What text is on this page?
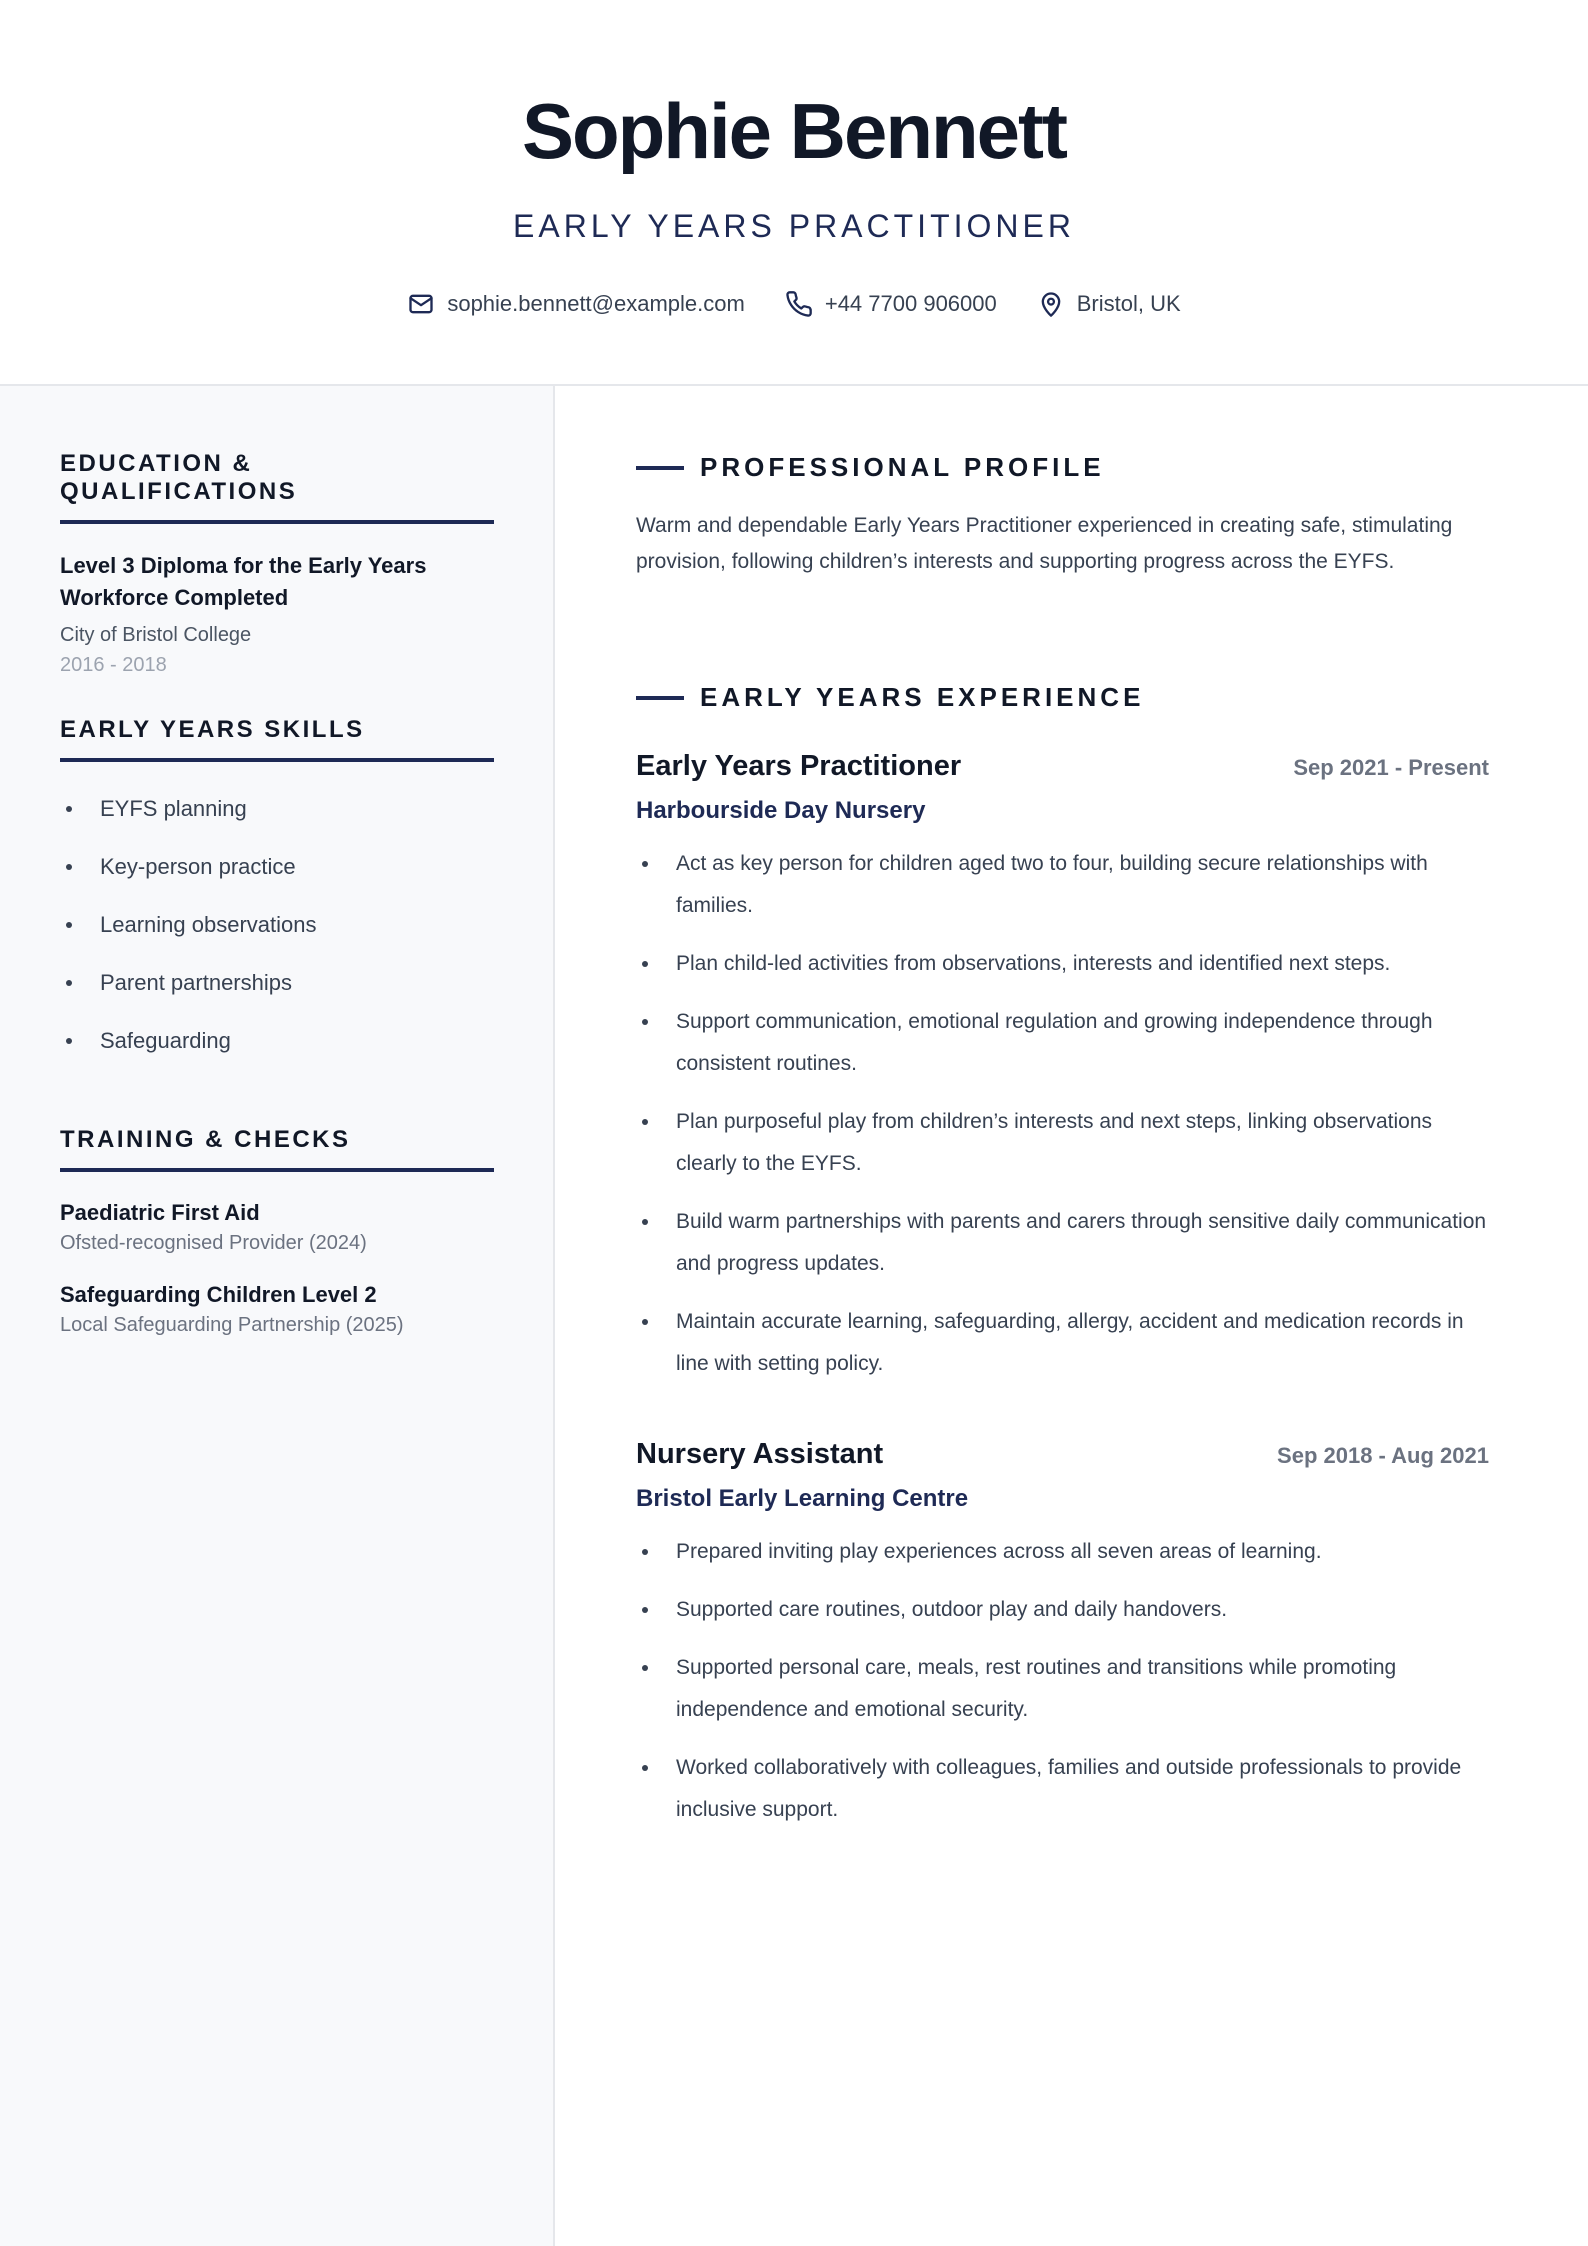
Sophie Bennett
EARLY YEARS PRACTITIONER
sophie.bennett@example.com	+44 7700 906000	Bristol, UK
EDUCATION & QUALIFICATIONS
Level 3 Diploma for the Early Years Workforce Completed
City of Bristol College
2016 - 2018
EARLY YEARS SKILLS
EYFS planning
Key-person practice
Learning observations
Parent partnerships
Safeguarding
TRAINING & CHECKS
Paediatric First Aid
Ofsted-recognised Provider (2024)
Safeguarding Children Level 2
Local Safeguarding Partnership (2025)
PROFESSIONAL PROFILE

Warm and dependable Early Years Practitioner experienced in creating safe, stimulating provision, following children’s interests and supporting progress across the EYFS.

EARLY YEARS EXPERIENCE
Early Years Practitioner	Sep 2021 - Present
Harbourside Day Nursery
Act as key person for children aged two to four, building secure relationships with families.
Plan child-led activities from observations, interests and identified next steps.
Support communication, emotional regulation and growing independence through consistent routines.
Plan purposeful play from children’s interests and next steps, linking observations clearly to the EYFS.
Build warm partnerships with parents and carers through sensitive daily communication and progress updates.
Maintain accurate learning, safeguarding, allergy, accident and medication records in line with setting policy.
Nursery Assistant	Sep 2018 - Aug 2021
Bristol Early Learning Centre
Prepared inviting play experiences across all seven areas of learning.
Supported care routines, outdoor play and daily handovers.
Supported personal care, meals, rest routines and transitions while promoting independence and emotional security.
Worked collaboratively with colleagues, families and outside professionals to provide inclusive support.
